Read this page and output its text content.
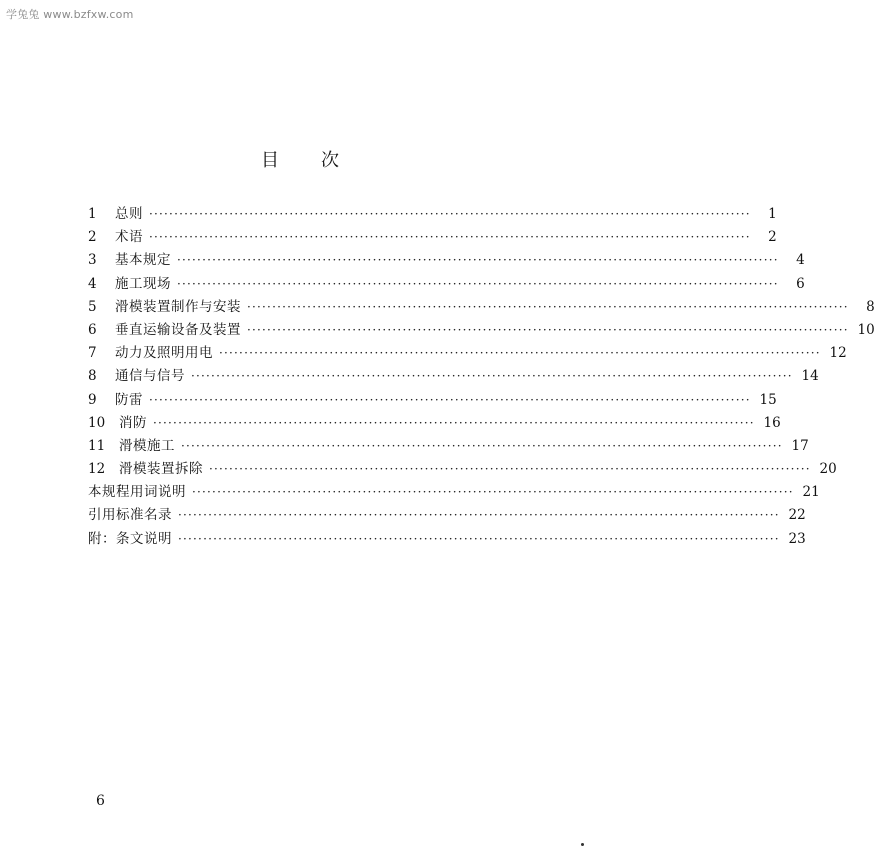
学兔兔 www.bzfxw.com
目次
1	总则 ························································································································	1
2	术语 ························································································································	2
3	基本规定 ························································································································	4
4	施工现场 ························································································································	6
5	滑模装置制作与安装 ························································································································	8
6	垂直运输设备及装置 ························································································································ 10
7	动力及照明用电 ························································································································ 12
8	通信与信号 ························································································································ 14
9	防雷 ························································································································ 15
10	消防 ························································································································ 16
11	滑模施工 ························································································································ 17
12	滑模装置拆除 ························································································································ 20
本规程用词说明 ························································································································ 21
引用标准名录 ························································································································ 22
附：条文说明 ························································································································ 23
6
